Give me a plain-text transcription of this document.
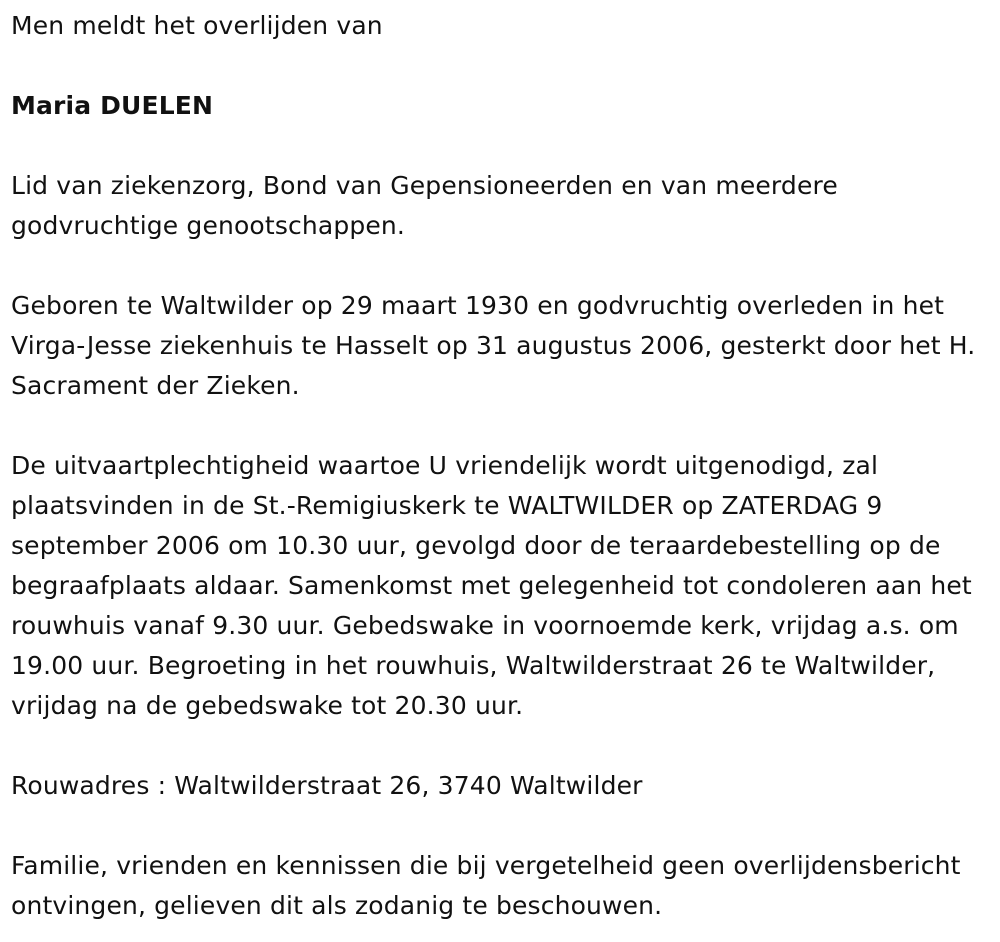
Men meldt het overlijden van

Maria DUELEN

Lid van ziekenzorg, Bond van Gepensioneerden en van meerdere godvruchtige genootschappen.

Geboren te Waltwilder op 29 maart 1930 en godvruchtig overleden in het Virga-Jesse ziekenhuis te Hasselt op 31 augustus 2006, gesterkt door het H. Sacrament der Zieken.

De uitvaartplechtigheid waartoe U vriendelijk wordt uitgenodigd, zal plaatsvinden in de St.-Remigiuskerk te WALTWILDER op ZATERDAG 9 september 2006 om 10.30 uur, gevolgd door de teraardebestelling op de begraafplaats aldaar. Samenkomst met gelegenheid tot condoleren aan het rouwhuis vanaf 9.30 uur. Gebedswake in voornoemde kerk, vrijdag a.s. om 19.00 uur. Begroeting in het rouwhuis, Waltwilderstraat 26 te Waltwilder, vrijdag na de gebedswake tot 20.30 uur.

Rouwadres : Waltwilderstraat 26, 3740 Waltwilder

Familie, vrienden en kennissen die bij vergetelheid geen overlijdensbericht ontvingen, gelieven dit als zodanig te beschouwen.
